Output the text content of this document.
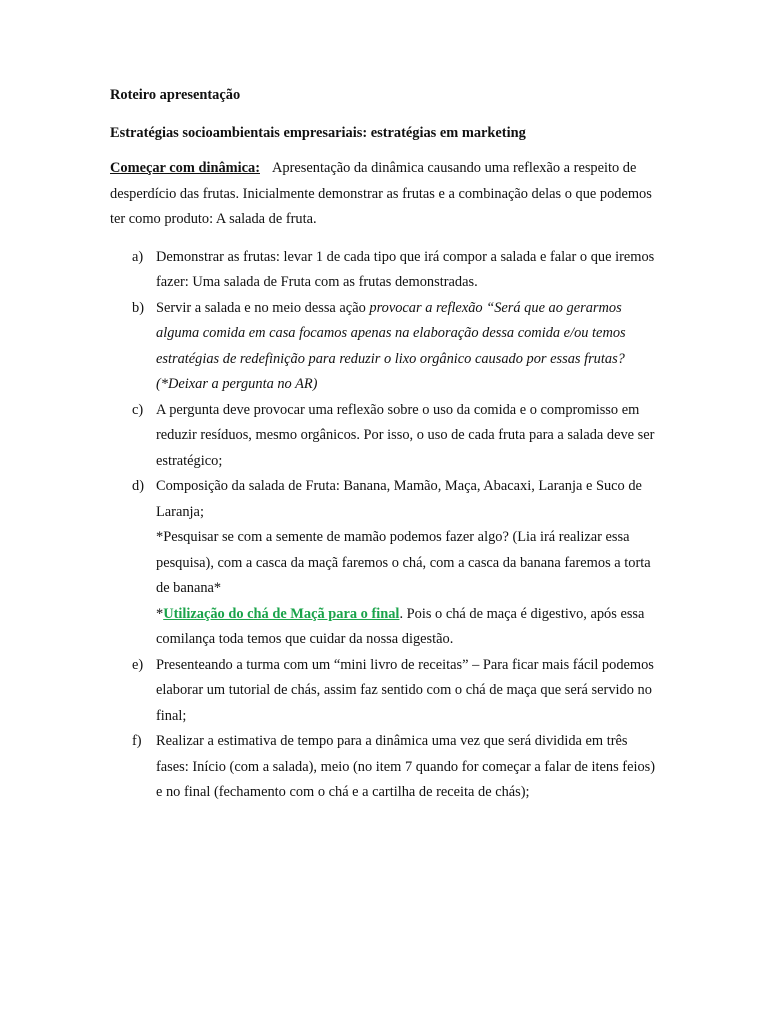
Roteiro apresentação

Estratégias socioambientais empresariais: estratégias em marketing

Começar com dinâmica: Apresentação da dinâmica causando uma reflexão a respeito de desperdício das frutas. Inicialmente demonstrar as frutas e a combinação delas o que podemos ter como produto: A salada de fruta.

a) Demonstrar as frutas: levar 1 de cada tipo que irá compor a salada e falar o que iremos fazer: Uma salada de Fruta com as frutas demonstradas.
b) Servir a salada e no meio dessa ação provocar a reflexão “Será que ao gerarmos alguma comida em casa focamos apenas na elaboração dessa comida e/ou temos estratégias de redefinição para reduzir o lixo orgânico causado por essas frutas? (*Deixar a pergunta no AR)
c) A pergunta deve provocar uma reflexão sobre o uso da comida e o compromisso em reduzir resíduos, mesmo orgânicos. Por isso, o uso de cada fruta para a salada deve ser estratégico;
d) Composição da salada de Fruta: Banana, Mamão, Maça, Abacaxi, Laranja e Suco de Laranja;
*Pesquisar se com a semente de mamão podemos fazer algo? (Lia irá realizar essa pesquisa), com a casca da maçã faremos o chá, com a casca da banana faremos a torta de banana*
*Utilização do chá de Maçã para o final. Pois o chá de maça é digestivo, após essa comilança toda temos que cuidar da nossa digestão.
e) Presenteando a turma com um “mini livro de receitas” – Para ficar mais fácil podemos elaborar um tutorial de chás, assim faz sentido com o chá de maça que será servido no final;
f) Realizar a estimativa de tempo para a dinâmica uma vez que será dividida em três fases: Início (com a salada), meio (no item 7 quando for começar a falar de itens feios) e no final (fechamento com o chá e a cartilha de receita de chás);
